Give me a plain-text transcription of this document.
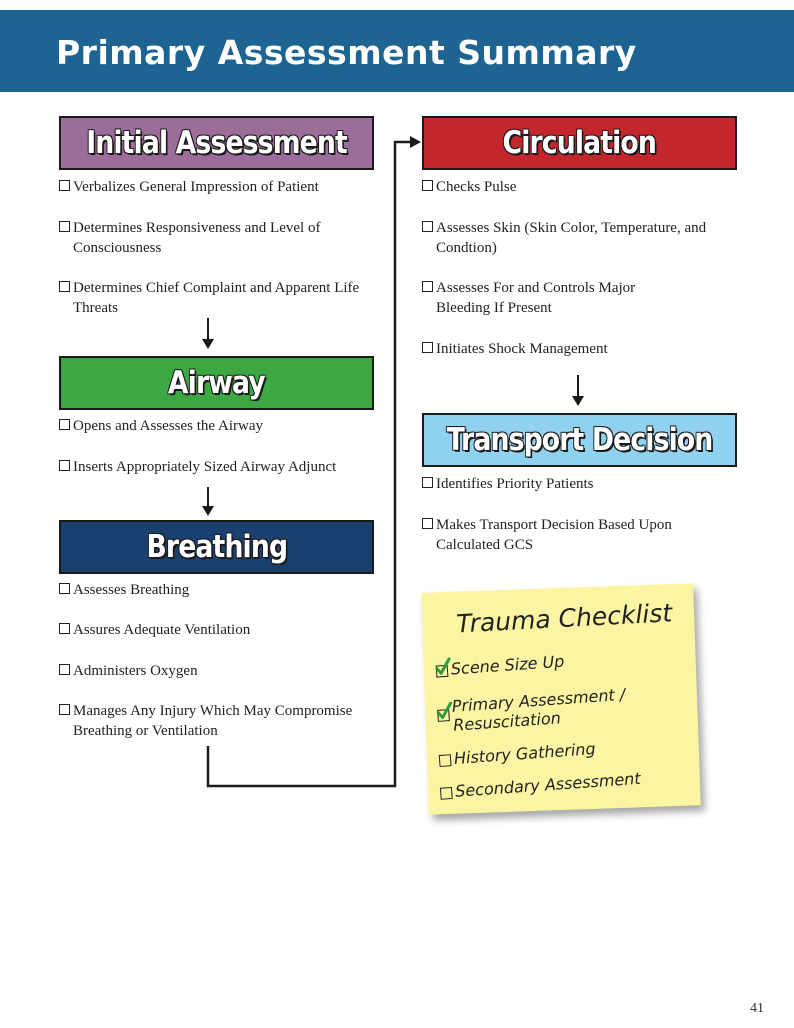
Primary Assessment Summary
Initial Assessment
Verbalizes General Impression of Patient
Determines Responsiveness and Level of Consciousness
Determines Chief Complaint and Apparent Life Threats
Airway
Opens and Assesses the Airway
Inserts Appropriately Sized Airway Adjunct
Breathing
Assesses Breathing
Assures Adequate Ventilation
Administers Oxygen
Manages Any Injury Which May Compromise Breathing or Ventilation
Circulation
Checks Pulse
Assesses Skin (Skin Color, Temperature, and Condtion)
Assesses For and Controls Major Bleeding If Present
Initiates Shock Management
Transport Decision
Identifies Priority Patients
Makes Transport Decision Based Upon Calculated GCS
Trauma Checklist
Scene Size Up
Primary Assessment / Resuscitation
History Gathering
Secondary Assessment
41
